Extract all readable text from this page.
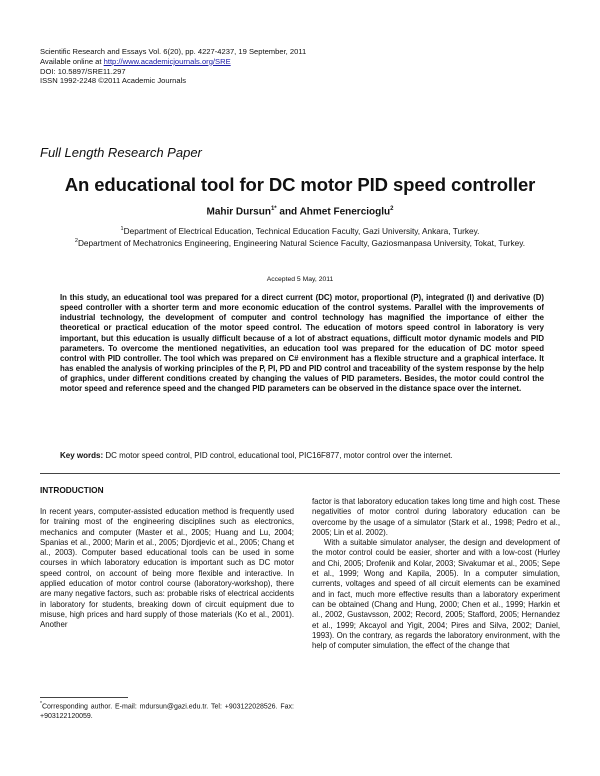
Scientific Research and Essays Vol. 6(20), pp. 4227-4237, 19 September, 2011
Available online at http://www.academicjournals.org/SRE
DOI: 10.5897/SRE11.297
ISSN 1992-2248 ©2011 Academic Journals
Full Length Research Paper
An educational tool for DC motor PID speed controller
Mahir Dursun$^{1*}$ and Ahmet Fenercioglu$^2$
$^1$Department of Electrical Education, Technical Education Faculty, Gazi University, Ankara, Turkey.
$^2$Department of Mechatronics Engineering, Engineering Natural Science Faculty, Gaziosmanpasa University, Tokat, Turkey.
Accepted 5 May, 2011
In this study, an educational tool was prepared for a direct current (DC) motor, proportional (P), integrated (I) and derivative (D) speed controller with a shorter term and more economic education of the control systems. Parallel with the improvements of industrial technology, the development of computer and control technology has magnified the importance of either the theoretical or practical education of the motor speed control. The education of motors speed control in laboratory is very important, but this education is usually difficult because of a lot of abstract equations, difficult motor dynamic models and PID parameters. To overcome the mentioned negativities, an education tool was prepared for the education of DC motor speed control with PID controller. The tool which was prepared on C# environment has a flexible structure and a graphical interface. It has enabled the analysis of working principles of the P, PI, PD and PID control and traceability of the system response by the help of graphics, under different conditions created by changing the values of PID parameters. Besides, the motor could control the motor speed and reference speed and the changed PID parameters can be observed in the distance space over the internet.
Key words: DC motor speed control, PID control, educational tool, PIC16F877, motor control over the internet.
INTRODUCTION

In recent years, computer-assisted education method is frequently used for training most of the engineering disciplines such as electronics, mechanics and computer (Master et al., 2005; Huang and Lu, 2004; Spanias et al., 2000; Marin et al., 2005; Djordjevic et al., 2005; Chang et al., 2003). Computer based educational tools can be used in some courses in which laboratory education is important such as DC motor speed control, on account of being more flexible and interactive. In applied education of motor control course (laboratory-workshop), there are many negative factors, such as: probable risks of electrical accidents in laboratory for students, breaking down of circuit equipment due to misuse, high prices and hard supply of those materials (Ko et al., 2001). Another

factor is that laboratory education takes long time and high cost. These negativities of motor control during laboratory education can be overcome by the usage of a simulator (Stark et al., 1998; Pedro et al., 2005; Lin et al. 2002).

With a suitable simulator analyser, the design and development of the motor control could be easier, shorter and with a low-cost (Hurley and Chi, 2005; Drofenik and Kolar, 2003; Sivakumar et al., 2005; Sepe et al., 1999; Wong and Kapila, 2005). In a computer simulation, currents, voltages and speed of all circuit elements can be examined and in fact, much more effective results than a laboratory experiment can be obtained (Chang and Hung, 2000; Chen et al., 1999; Harkin et al., 2002, Gustavsson, 2002; Record, 2005; Stafford, 2005; Hernandez et al., 1999; Akcayol and Yigit, 2004; Pires and Silva, 2002; Daniel, 1993). On the contrary, as regards the laboratory environment, with the help of computer simulation, the effect of the change that

*Corresponding author. E-mail: mdursun@gazi.edu.tr. Tel: +903122028526. Fax: +903122120059.
